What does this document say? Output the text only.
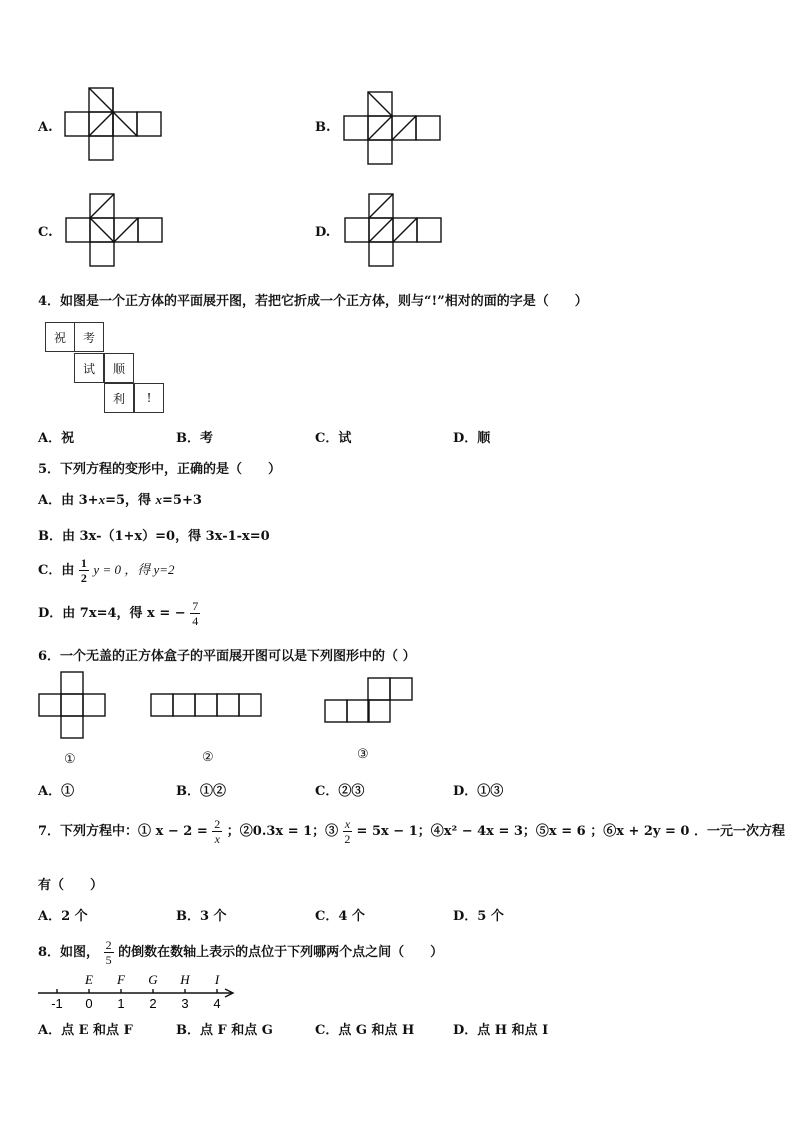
A.	B.
C.	D.
4．如图是一个正方体的平面展开图，若把它折成一个正方体，则与“!”相对的面的字是（　　）
祝	考
试	顺
利	!
A．祝	B．考	C．试	D．顺
5．下列方程的变形中，正确的是（　　）
A．由 3+x=5，得 x=5+3
B．由 3x-（1+x）=0，得 3x-1-x=0
C．由 $\frac{1}{2}$ y = 0 ，得 y=2
D．由 7x=4，得 x = − $\frac{7}{4}$
6．一个无盖的正方体盒子的平面展开图可以是下列图形中的（ ）
①	②	③
A．①	B．①②	C．②③	D．①③
7．下列方程中：① $x - 2 = \frac{2}{x}$ ；②0.3x = 1；③ $\frac{x}{2} = 5x - 1$；④x² − 4x = 3；⑤x = 6 ；⑥x + 2y = 0 ．一元一次方程
有（　　）
A．2 个	B．3 个	C．4 个	D．5 个
8．如图， $\frac{2}{5}$ 的倒数在数轴上表示的点位于下列哪两个点之间（　　）
-1 0 1 2 3 4
E F G H I
A．点 E 和点 F	B．点 F 和点 G	C．点 G 和点 H	D．点 H 和点 I
